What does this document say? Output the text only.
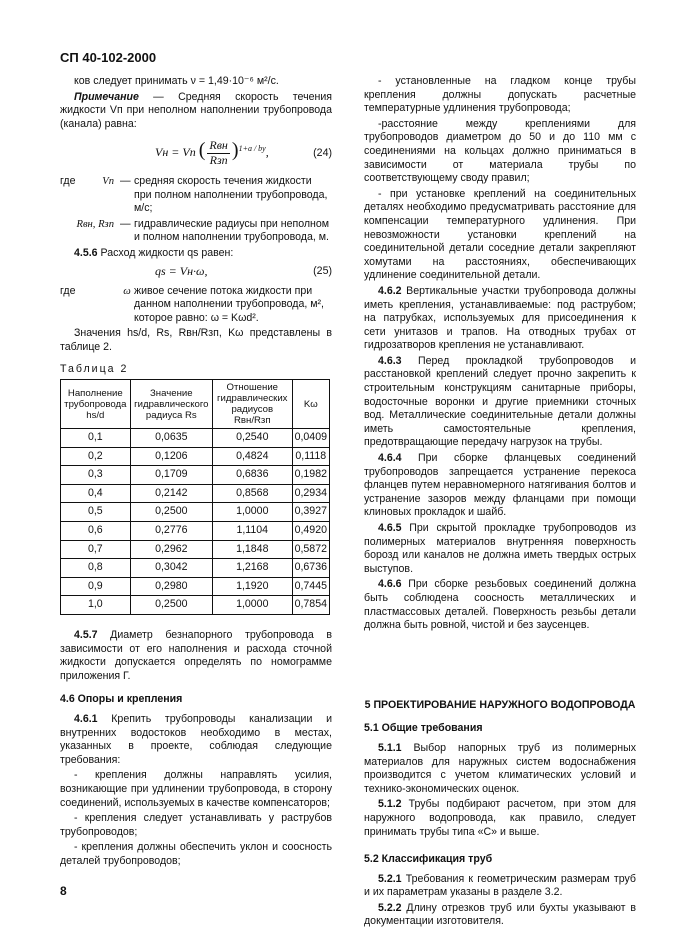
СП 40-102-2000

ков следует принимать ν = 1,49·10⁻⁶ м²/с.

Примечание — Средняя скорость течения жидкости Vп при неполном наполнении трубопровода (канала) равна:

Vн = Vп ( $\frac{\text{Rвн}}{\text{Rзп}} )^{1+a / by}$,	(24)
где	Vп — средняя скорость течения жидкости при полном наполнении трубопровода, м/с;
Rвн, Rзп — гидравлические радиусы при неполном и полном наполнении трубопровода, м.

4.5.6 Расход жидкости qs равен:

qs = Vн·ω,	(25)
где	ω живое сечение потока жидкости при данном наполнении трубопровода, м², которое равно: ω = Kωd².

Значения hs/d, Rs, Rвн/Rзп, Kω представлены в таблице 2.

Таблица 2
Наполнение трубопровода hs/d	Значение гидравлического радиуса Rs	Отношение гидравлических радиусов Rвн/Rзп	Kω
0,1	0,0635	0,2540	0,0409
0,2	0,1206	0,4824	0,1118
0,3	0,1709	0,6836	0,1982
0,4	0,2142	0,8568	0,2934
0,5	0,2500	1,0000	0,3927
0,6	0,2776	1,1104	0,4920
0,7	0,2962	1,1848	0,5872
0,8	0,3042	1,2168	0,6736
0,9	0,2980	1,1920	0,7445
1,0	0,2500	1,0000	0,7854

4.5.7 Диаметр безнапорного трубопровода в зависимости от его наполнения и расхода сточной жидкости допускается определять по номограмме приложения Г.

4.6 Опоры и крепления

4.6.1 Крепить трубопроводы канализации и внутренних водостоков необходимо в местах, указанных в проекте, соблюдая следующие требования:

- крепления должны направлять усилия, возникающие при удлинении трубопровода, в сторону соединений, используемых в качестве компенсаторов;

- крепления следует устанавливать у раструбов трубопроводов;

- крепления должны обеспечить уклон и соосность деталей трубопроводов;

- установленные на гладком конце трубы крепления должны допускать расчетные температурные удлинения трубопровода;

-расстояние между креплениями для трубопроводов диаметром до 50 и до 110 мм с соединениями на кольцах должно приниматься в зависимости от материала трубы по соответствующему своду правил;

- при установке креплений на соединительных деталях необходимо предусматривать расстояние для компенсации температурного удлинения. При невозможности установки креплений на соединительной детали соседние детали закрепляют хомутами на расстояниях, обеспечивающих удлинение соединительной детали.

4.6.2 Вертикальные участки трубопровода должны иметь крепления, устанавливаемые: под раструбом; на патрубках, используемых для присоединения к сети унитазов и трапов. На отводных трубах от гидрозатворов крепления не устанавливают.

4.6.3 Перед прокладкой трубопроводов и расстановкой креплений следует прочно закрепить к строительным конструкциям санитарные приборы, водосточные воронки и другие приемники сточных вод. Металлические соединительные детали должны иметь самостоятельные крепления, предотвращающие передачу нагрузок на трубы.

4.6.4 При сборке фланцевых соединений трубопроводов запрещается устранение перекоса фланцев путем неравномерного натягивания болтов и устранение зазоров между фланцами при помощи клиновых прокладок и шайб.

4.6.5 При скрытой прокладке трубопроводов из полимерных материалов внутренняя поверхность борозд или каналов не должна иметь твердых острых выступов.

4.6.6 При сборке резьбовых соединений должна быть соблюдена соосность металлических и пластмассовых деталей. Поверхность резьбы детали должна быть ровной, чистой и без заусенцев.

5 ПРОЕКТИРОВАНИЕ НАРУЖНОГО ВОДОПРОВОДА
5.1 Общие требования

5.1.1 Выбор напорных труб из полимерных материалов для наружных систем водоснабжения производится с учетом климатических условий и технико-экономических оценок.

5.1.2 Трубы подбирают расчетом, при этом для наружного водопровода, как правило, следует принимать трубы типа «С» и выше.

5.2 Классификация труб

5.2.1 Требования к геометрическим размерам труб и их параметрам указаны в разделе 3.2.

5.2.2 Длину отрезков труб или бухты указывают в документации изготовителя.

8
